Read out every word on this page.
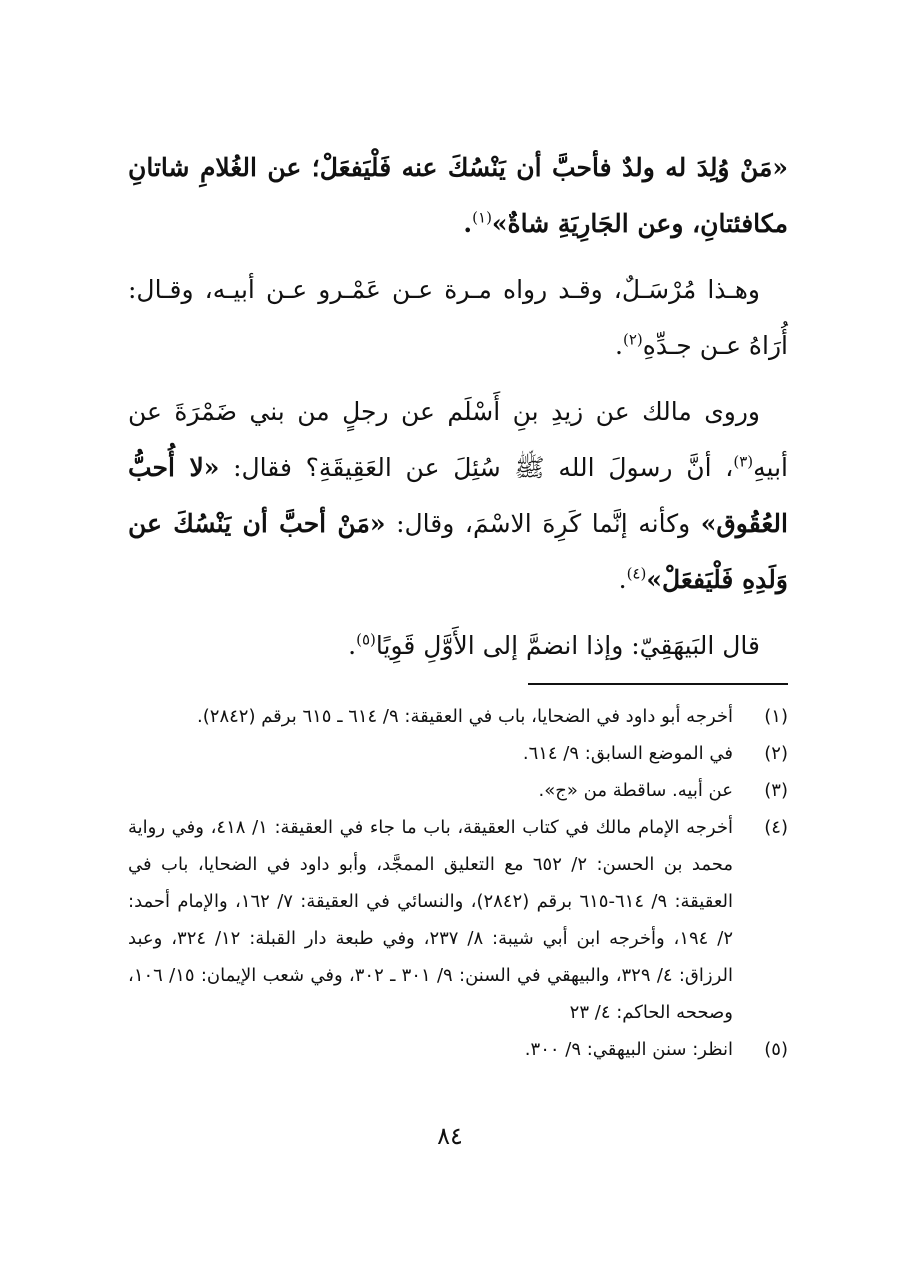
«مَنْ وُلِدَ له ولدٌ فأحبَّ أن يَنْسُكَ عنه فَلْيَفعَلْ؛ عن الغُلامِ شاتانِ مكافئتانِ، وعن الجَارِيَةِ شاةٌ»$^{(١)}$.

وهـذا مُرْسَـلٌ، وقـد رواه مـرة عـن عَمْـرو عـن أبيـه، وقـال: أُرَاهُ عـن جـدِّهِ$^{(٢)}$.

وروى مالك عن زيدِ بنِ أَسْلَم عن رجلٍ من بني ضَمْرَةَ عن أبيهِ$^{(٣)}$، أنَّ رسولَ الله ﷺ سُئِلَ عن العَقِيقَةِ؟ فقال: «لا أُحبُّ العُقُوق» وكأنه إنَّما كَرِهَ الاسْمَ، وقال: «مَنْ أحبَّ أن يَنْسُكَ عن وَلَدِهِ فَلْيَفعَلْ»$^{(٤)}$.

قال البَيهَقِيّ: وإذا انضمَّ إلى الأَوَّلِ قَوِيًا$^{(٥)}$.

(١)
أخرجه أبو داود في الضحايا، باب في العقيقة: ٩/ ٦١٤ ـ ٦١٥ برقم (٢٨٤٢).
(٢)
في الموضع السابق: ٩/ ٦١٤.
(٣)
عن أبيه. ساقطة من «ج».
(٤)
أخرجه الإمام مالك في كتاب العقيقة، باب ما جاء في العقيقة: ١/ ٤١٨، وفي رواية محمد بن الحسن: ٢/ ٦٥٢ مع التعليق الممجَّد، وأبو داود في الضحايا، باب في العقيقة: ٩/ ٦١٤-٦١٥ برقم (٢٨٤٢)، والنسائي في العقيقة: ٧/ ١٦٢، والإمام أحمد: ٢/ ١٩٤، وأخرجه ابن أبي شيبة: ٨/ ٢٣٧، وفي طبعة دار القبلة: ١٢/ ٣٢٤، وعبد الرزاق: ٤/ ٣٢٩، والبيهقي في السنن: ٩/ ٣٠١ ـ ٣٠٢، وفي شعب الإيمان: ١٥/ ١٠٦، وصححه الحاكم: ٤/ ٢٣
(٥)
انظر: سنن البيهقي: ٩/ ٣٠٠.
٨٤
